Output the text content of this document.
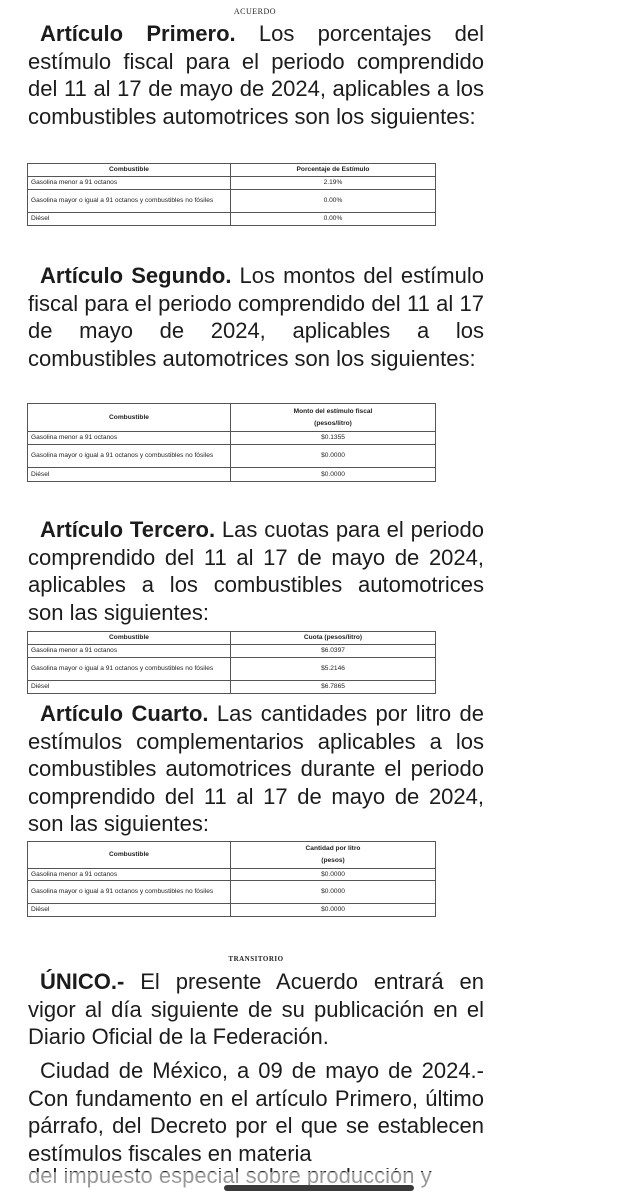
ACUERDO
Artículo Primero. Los porcentajes del estímulo fiscal para el periodo comprendido del 11 al 17 de mayo de 2024, aplicables a los combustibles automotrices son los siguientes:
Combustible	Porcentaje de Estímulo
Gasolina menor a 91 octanos	2.19%
Gasolina mayor o igual a 91 octanos y combustibles no fósiles	0.00%
Diésel	0.00%
Artículo Segundo. Los montos del estímulo fiscal para el periodo comprendido del 11 al 17 de mayo de 2024, aplicables a los combustibles automotrices son los siguientes:
Combustible	Monto del estímulo fiscal
(pesos/litro)

Gasolina menor a 91 octanos	$0.1355
Gasolina mayor o igual a 91 octanos y combustibles no fósiles	$0.0000
Diésel	$0.0000
Artículo Tercero. Las cuotas para el periodo comprendido del 11 al 17 de mayo de 2024, aplicables a los combustibles automotrices son las siguientes:
Combustible	Cuota (pesos/litro)
Gasolina menor a 91 octanos	$6.0397
Gasolina mayor o igual a 91 octanos y combustibles no fósiles	$5.2146
Diésel	$6.7865
Artículo Cuarto. Las cantidades por litro de estímulos complementarios aplicables a los combustibles automotrices durante el periodo comprendido del 11 al 17 de mayo de 2024, son las siguientes:
Combustible	Cantidad por litro
(pesos)

Gasolina menor a 91 octanos	$0.0000
Gasolina mayor o igual a 91 octanos y combustibles no fósiles	$0.0000
Diésel	$0.0000
TRANSITORIO
ÚNICO.- El presente Acuerdo entrará en vigor al día siguiente de su publicación en el Diario Oficial de la Federación.
Ciudad de México, a 09 de mayo de 2024.- Con fundamento en el artículo Primero, último párrafo, del Decreto por el que se establecen estímulos fiscales en materia
